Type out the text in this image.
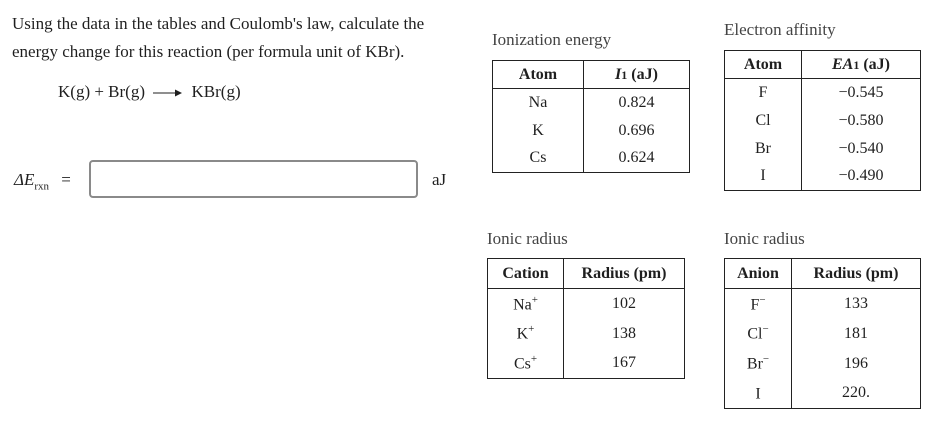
Using the data in the tables and Coulomb's law, calculate the
energy change for this reaction (per formula unit of KBr).
K(g) + Br(g) → KBr(g)
$\Delta E_{rxn}$ =	aJ
Ionization energy
Atom	I1 (aJ)
Na	0.824
K	0.696
Cs	0.624
Electron affinity
Atom	EA1 (aJ)
F	−0.545
Cl	−0.580
Br	−0.540
I	−0.490
Ionic radius
Cation	Radius (pm)
Na+	102
K+	138
Cs+	167
Ionic radius
Anion	Radius (pm)
F−	133
Cl−	181
Br−	196
I	220.
